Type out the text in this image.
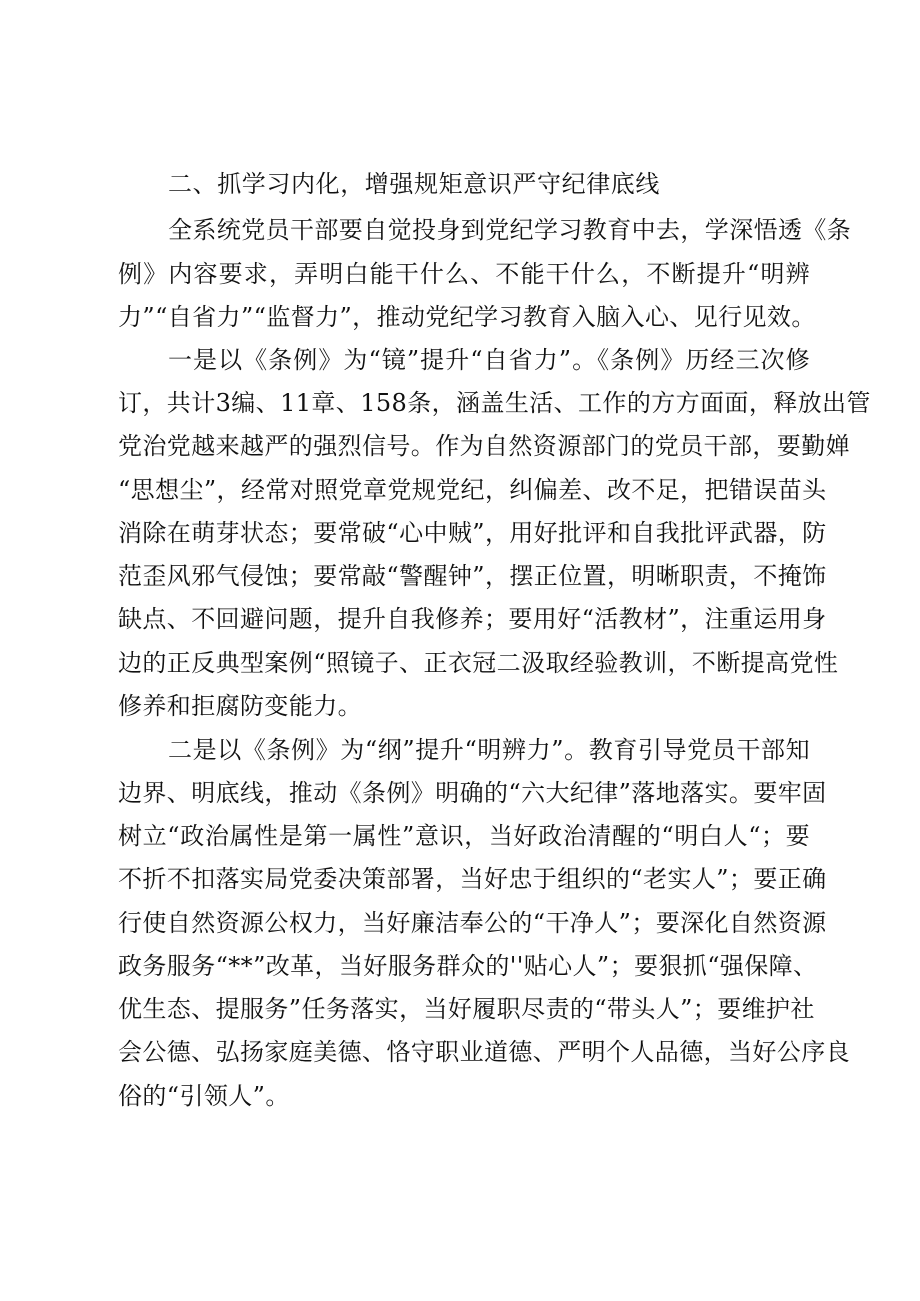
二、抓学习内化，增强规矩意识严守纪律底线
全系统党员干部要自觉投身到党纪学习教育中去，学深悟透《条
例》内容要求，弄明白能干什么、不能干什么，不断提升“明辨
力”“自省力”“监督力”，推动党纪学习教育入脑入心、见行见效。
一是以《条例》为“镜”提升“自省力”。《条例》历经三次修
订，共计3编、11章、158条，涵盖生活、工作的方方面面，释放出管
党治党越来越严的强烈信号。作为自然资源部门的党员干部，要勤婵
“思想尘”，经常对照党章党规党纪，纠偏差、改不足，把错误苗头
消除在萌芽状态；要常破“心中贼”，用好批评和自我批评武器，防
范歪风邪气侵蚀；要常敲“警醒钟”，摆正位置，明晰职责，不掩饰
缺点、不回避问题，提升自我修养；要用好“活教材”，注重运用身
边的正反典型案例“照镜子、正衣冠二汲取经验教训，不断提高党性
修养和拒腐防变能力。
二是以《条例》为“纲”提升“明辨力”。教育引导党员干部知
边界、明底线，推动《条例》明确的“六大纪律”落地落实。要牢固
树立“政治属性是第一属性”意识，当好政治清醒的“明白人“；要
不折不扣落实局党委决策部署，当好忠于组织的“老实人”；要正确
行使自然资源公权力，当好廉洁奉公的“干净人”；要深化自然资源
政务服务“**”改革，当好服务群众的''贴心人”；要狠抓“强保障、
优生态、提服务”任务落实，当好履职尽责的“带头人”；要维护社
会公德、弘扬家庭美德、恪守职业道德、严明个人品德，当好公序良
俗的“引领人”。
